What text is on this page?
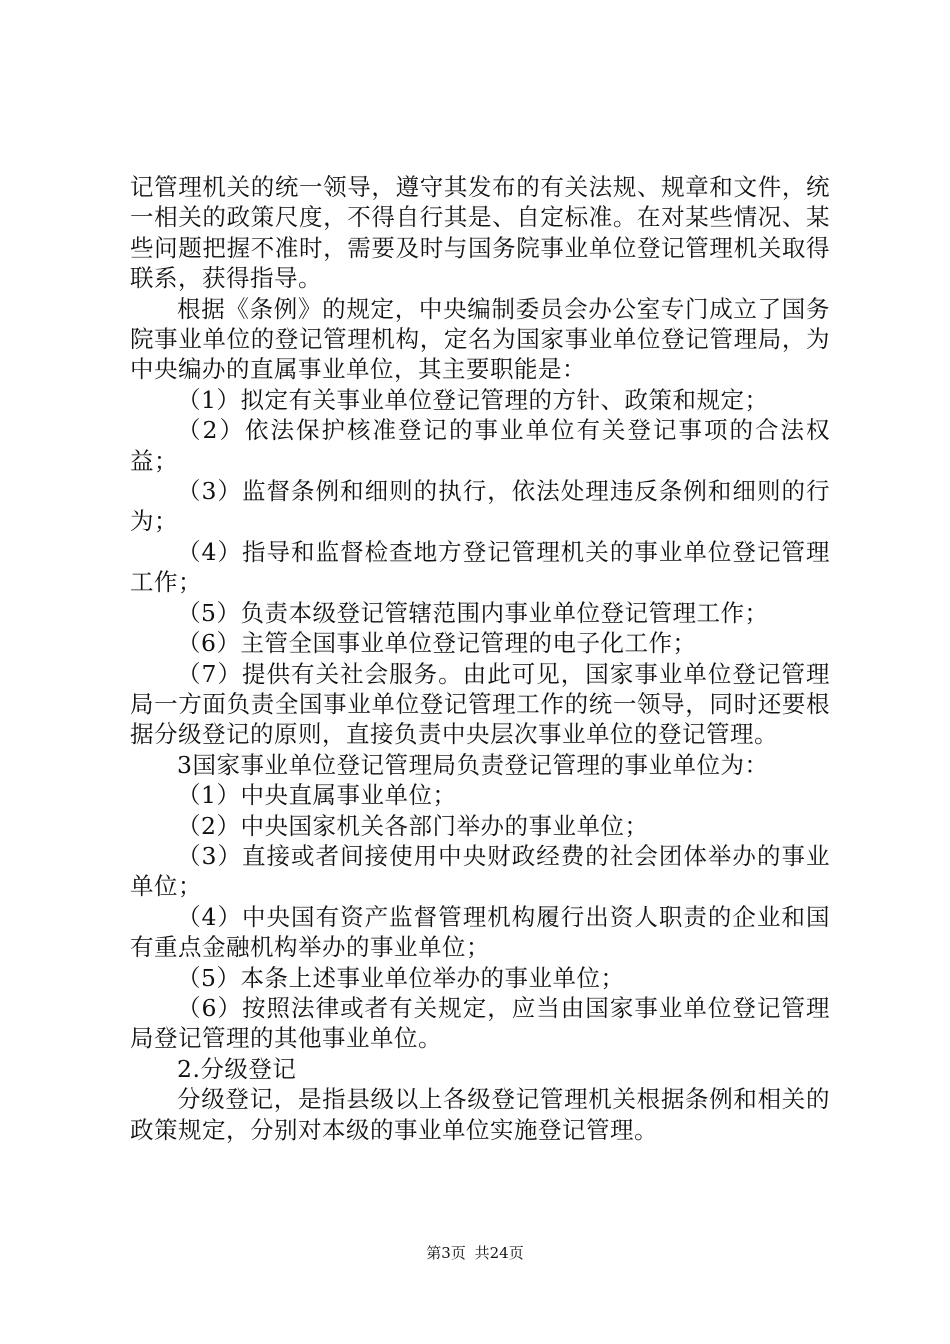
记管理机关的统一领导，遵守其发布的有关法规、规章和文件，统一相关的政策尺度，不得自行其是、自定标准。在对某些情况、某些问题把握不准时，需要及时与国务院事业单位登记管理机关取得联系，获得指导。

根据《条例》的规定，中央编制委员会办公室专门成立了国务院事业单位的登记管理机构，定名为国家事业单位登记管理局，为中央编办的直属事业单位，其主要职能是：

（1）拟定有关事业单位登记管理的方针、政策和规定；

（2）依法保护核准登记的事业单位有关登记事项的合法权益；

（3）监督条例和细则的执行，依法处理违反条例和细则的行为；

（4）指导和监督检查地方登记管理机关的事业单位登记管理工作；

（5）负责本级登记管辖范围内事业单位登记管理工作；

（6）主管全国事业单位登记管理的电子化工作；

（7）提供有关社会服务。由此可见，国家事业单位登记管理局一方面负责全国事业单位登记管理工作的统一领导，同时还要根据分级登记的原则，直接负责中央层次事业单位的登记管理。

3国家事业单位登记管理局负责登记管理的事业单位为：

（1）中央直属事业单位；

（2）中央国家机关各部门举办的事业单位；

（3）直接或者间接使用中央财政经费的社会团体举办的事业单位；

（4）中央国有资产监督管理机构履行出资人职责的企业和国有重点金融机构举办的事业单位；

（5）本条上述事业单位举办的事业单位；

（6）按照法律或者有关规定，应当由国家事业单位登记管理局登记管理的其他事业单位。

2.分级登记

分级登记，是指县级以上各级登记管理机关根据条例和相关的政策规定，分别对本级的事业单位实施登记管理。

第3页 共24页
